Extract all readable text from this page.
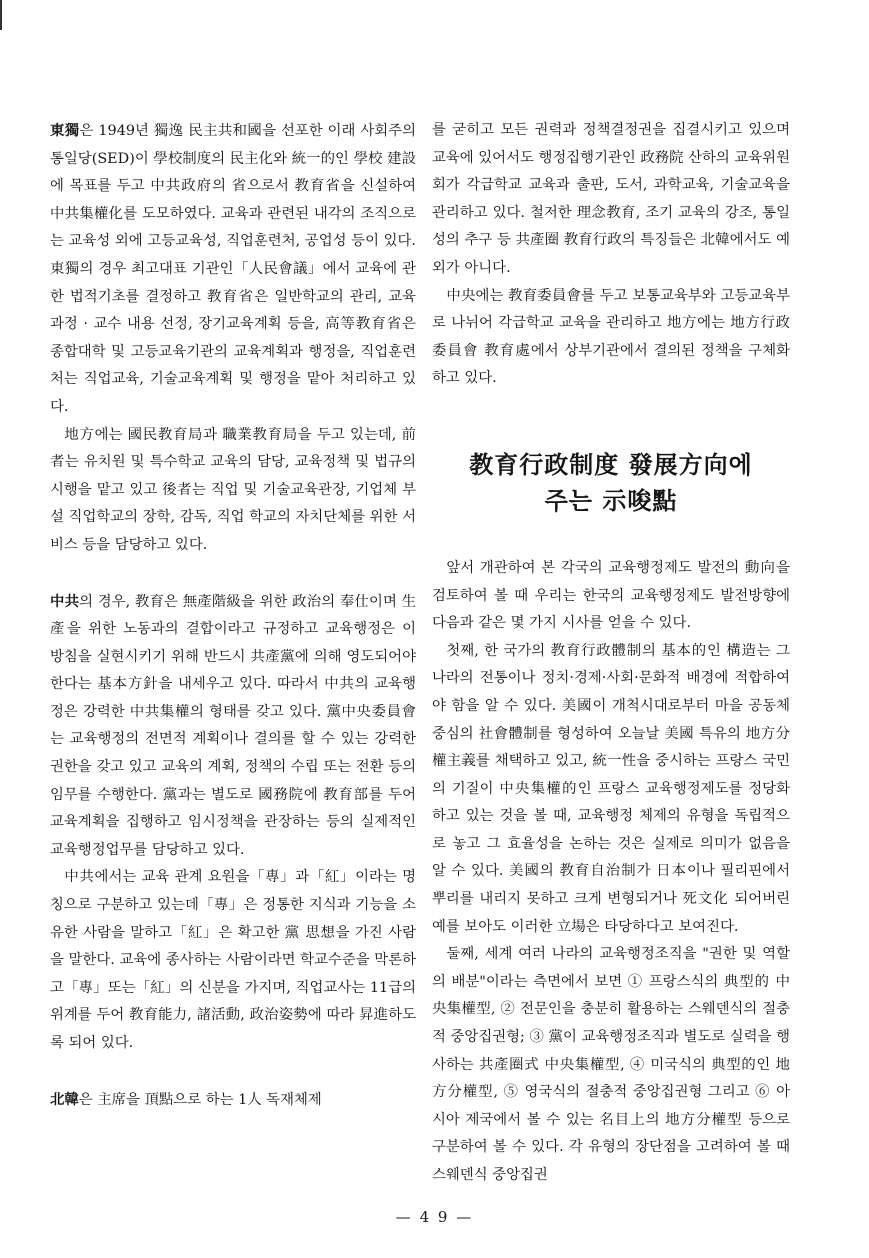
東獨은 1949년 獨逸 民主共和國을 선포한 이래 사회주의 통일당(SED)이 學校制度의 民主化와 統一的인 學校 建設에 목표를 두고 中共政府의 省으로서 教育省을 신설하여 中共集權化를 도모하였다. 교육과 관련된 내각의 조직으로는 교육성 외에 고등교육성, 직업훈련처, 공업성 등이 있다. 東獨의 경우 최고대표 기관인「人民會議」에서 교육에 관한 법적기초를 결정하고 教育省은 일반학교의 관리, 교육과정 · 교수 내용 선정, 장기교육계획 등을, 高等教育省은 종합대학 및 고등교육기관의 교육계획과 행정을, 직업훈련처는 직업교육, 기술교육계획 및 행정을 맡아 처리하고 있다.

地方에는 國民教育局과 職業教育局을 두고 있는데, 前者는 유치원 및 특수학교 교육의 담당, 교육정책 및 법규의 시행을 맡고 있고 後者는 직업 및 기술교육관장, 기업체 부설 직업학교의 장학, 감독, 직업 학교의 자치단체를 위한 서비스 등을 담당하고 있다.

中共의 경우, 教育은 無產階級을 위한 政治의 奉仕이며 生產을 위한 노동과의 결합이라고 규정하고 교육행정은 이 방침을 실현시키기 위해 반드시 共產黨에 의해 영도되어야 한다는 基本方針을 내세우고 있다. 따라서 中共의 교육행정은 강력한 中共集權의 형태를 갖고 있다. 黨中央委員會는 교육행정의 전면적 계획이나 결의를 할 수 있는 강력한 권한을 갖고 있고 교육의 계획, 정책의 수립 또는 전환 등의 임무를 수행한다. 黨과는 별도로 國務院에 教育部를 두어 교육계획을 집행하고 임시정책을 관장하는 등의 실제적인 교육행정업무를 담당하고 있다.

中共에서는 교육 관계 요원을「專」과「紅」이라는 명칭으로 구분하고 있는데「專」은 정통한 지식과 기능을 소유한 사람을 말하고「紅」은 확고한 黨 思想을 가진 사람을 말한다. 교육에 종사하는 사람이라면 학교수준을 막론하고「專」또는「紅」의 신분을 가지며, 직업교사는 11급의 위계를 두어 教育能力, 諸活動, 政治姿勢에 따라 昇進하도록 되어 있다.

北韓은 主席을 頂點으로 하는 1人 독재체제

를 굳히고 모든 권력과 정책결정권을 집결시키고 있으며 교육에 있어서도 행정집행기관인 政務院 산하의 교육위원회가 각급학교 교육과 출판, 도서, 과학교육, 기술교육을 관리하고 있다. 철저한 理念教育, 조기 교육의 강조, 통일성의 추구 등 共產圈 教育行政의 특징들은 北韓에서도 예외가 아니다.

中央에는 教育委員會를 두고 보통교육부와 고등교육부로 나뉘어 각급학교 교육을 관리하고 地方에는 地方行政委員會 教育處에서 상부기관에서 결의된 정책을 구체화하고 있다.

教育行政制度 發展方向에
주는 示唆點

앞서 개관하여 본 각국의 교육행정제도 발전의 動向을 검토하여 볼 때 우리는 한국의 교육행정제도 발전방향에 다음과 같은 몇 가지 시사를 얻을 수 있다.

첫째, 한 국가의 教育行政體制의 基本的인 構造는 그 나라의 전통이나 정치·경제·사회·문화적 배경에 적합하여야 함을 알 수 있다. 美國이 개척시대로부터 마을 공동체 중심의 社會體制를 형성하여 오늘날 美國 특유의 地方分權主義를 채택하고 있고, 統一性을 중시하는 프랑스 국민의 기질이 中央集權的인 프랑스 교육행정제도를 정당화 하고 있는 것을 볼 때, 교육행정 체제의 유형을 독립적으로 놓고 그 효율성을 논하는 것은 실제로 의미가 없음을 알 수 있다. 美國의 教育自治制가 日本이나 필리핀에서 뿌리를 내리지 못하고 크게 변형되거나 死文化 되어버린 예를 보아도 이러한 立場은 타당하다고 보여진다.

둘째, 세계 여러 나라의 교육행정조직을 "권한 및 역할의 배분"이라는 측면에서 보면 ① 프랑스식의 典型的 中央集權型, ② 전문인을 충분히 활용하는 스웨덴식의 절충적 중앙집권형; ③ 黨이 교육행정조직과 별도로 실력을 행사하는 共產圈式 中央集權型, ④ 미국식의 典型的인 地方分權型, ⑤ 영국식의 절충적 중앙집권형 그리고 ⑥ 아시아 제국에서 볼 수 있는 名目上의 地方分權型 등으로 구분하여 볼 수 있다. 각 유형의 장단점을 고려하여 볼 때 스웨덴식 중앙집권

— 4 9 —
